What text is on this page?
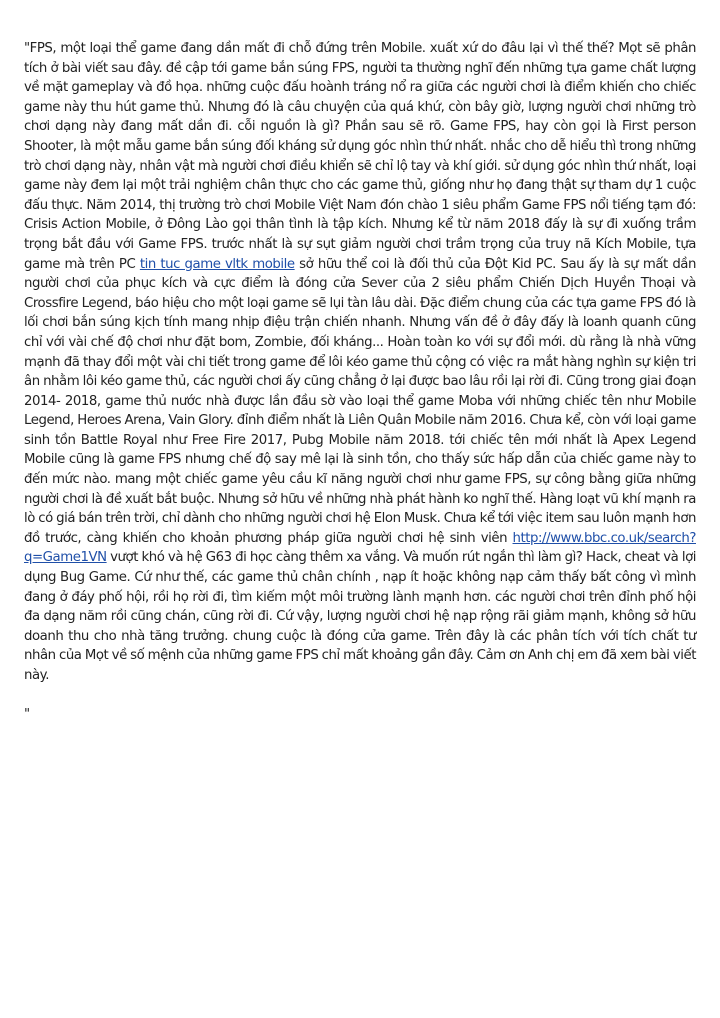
"FPS, một loại thể game đang dần mất đi chỗ đứng trên Mobile. xuất xứ do đâu lại vì thế thế? Mọt sẽ phân tích ở bài viết sau đây. đề cập tới game bắn súng FPS, người ta thường nghĩ đến những tựa game chất lượng về mặt gameplay và đồ họa. những cuộc đấu hoành tráng nổ ra giữa các người chơi là điểm khiến cho chiếc game này thu hút game thủ. Nhưng đó là câu chuyện của quá khứ, còn bây giờ, lượng người chơi những trò chơi dạng này đang mất dần đi. cỗi nguồn là gì? Phần sau sẽ rõ. Game FPS, hay còn gọi là First person Shooter, là một mẫu game bắn súng đối kháng sử dụng góc nhìn thứ nhất. nhắc cho dễ hiểu thì trong những trò chơi dạng này, nhân vật mà người chơi điều khiển sẽ chỉ lộ tay và khí giới. sử dụng góc nhìn thứ nhất, loại game này đem lại một trải nghiệm chân thực cho các game thủ, giống như họ đang thật sự tham dự 1 cuộc đấu thực. Năm 2014, thị trường trò chơi Mobile Việt Nam đón chào 1 siêu phẩm Game FPS nổi tiếng tạm đó: Crisis Action Mobile, ở Đông Lào gọi thân tình là tập kích. Nhưng kể từ năm 2018 đấy là sự đi xuống trầm trọng bắt đầu với Game FPS. trước nhất là sự sụt giảm người chơi trầm trọng của truy nã Kích Mobile, tựa game mà trên PC tin tuc game vltk mobile sở hữu thể coi là đối thủ của Đột Kid PC. Sau ấy là sự mất dần người chơi của phục kích và cực điểm là đóng cửa Sever của 2 siêu phẩm Chiến Dịch Huyền Thoại và Crossfire Legend, báo hiệu cho một loại game sẽ lụi tàn lâu dài. Đặc điểm chung của các tựa game FPS đó là lối chơi bắn súng kịch tính mang nhịp điệu trận chiến nhanh. Nhưng vấn đề ở đây đấy là loanh quanh cũng chỉ với vài chế độ chơi như đặt bom, Zombie, đối kháng... Hoàn toàn ko với sự đổi mới. dù rằng là nhà vững mạnh đã thay đổi một vài chi tiết trong game để lôi kéo game thủ cộng có việc ra mắt hàng nghìn sự kiện tri ân nhằm lôi kéo game thủ, các người chơi ấy cũng chẳng ở lại được bao lâu rồi lại rời đi. Cũng trong giai đoạn 2014- 2018, game thủ nước nhà được lần đầu sờ vào loại thể game Moba với những chiếc tên như Mobile Legend, Heroes Arena, Vain Glory. đỉnh điểm nhất là Liên Quân Mobile năm 2016. Chưa kể, còn với loại game sinh tồn Battle Royal như Free Fire 2017, Pubg Mobile năm 2018. tới chiếc tên mới nhất là Apex Legend Mobile cũng là game FPS nhưng chế độ say mê lại là sinh tồn, cho thấy sức hấp dẫn của chiếc game này to đến mức nào. mang một chiếc game yêu cầu kĩ năng người chơi như game FPS, sự công bằng giữa những người chơi là đề xuất bắt buộc. Nhưng sở hữu về những nhà phát hành ko nghĩ thế. Hàng loạt vũ khí mạnh ra lò có giá bán trên trời, chỉ dành cho những người chơi hệ Elon Musk. Chưa kể tới việc item sau luôn mạnh hơn đồ trước, càng khiến cho khoản phương pháp giữa người chơi hệ sinh viên http://www.bbc.co.uk/search?q=Game1VN vượt khó và hệ G63 đi học càng thêm xa vắng. Và muốn rút ngắn thì làm gì? Hack, cheat và lợi dụng Bug Game. Cứ như thế, các game thủ chân chính , nạp ít hoặc không nạp cảm thấy bất công vì mình đang ở đáy phố hội, rồi họ rời đi, tìm kiếm một môi trường lành mạnh hơn. các người chơi trên đỉnh phố hội đa dạng năm rồi cũng chán, cũng rời đi. Cứ vậy, lượng người chơi hệ nạp rộng rãi giảm mạnh, không sở hữu doanh thu cho nhà tăng trưởng. chung cuộc là đóng cửa game. Trên đây là các phân tích với tích chất tư nhân của Mọt về số mệnh của những game FPS chỉ mất khoảng gần đây. Cảm ơn Anh chị em đã xem bài viết này.

"
